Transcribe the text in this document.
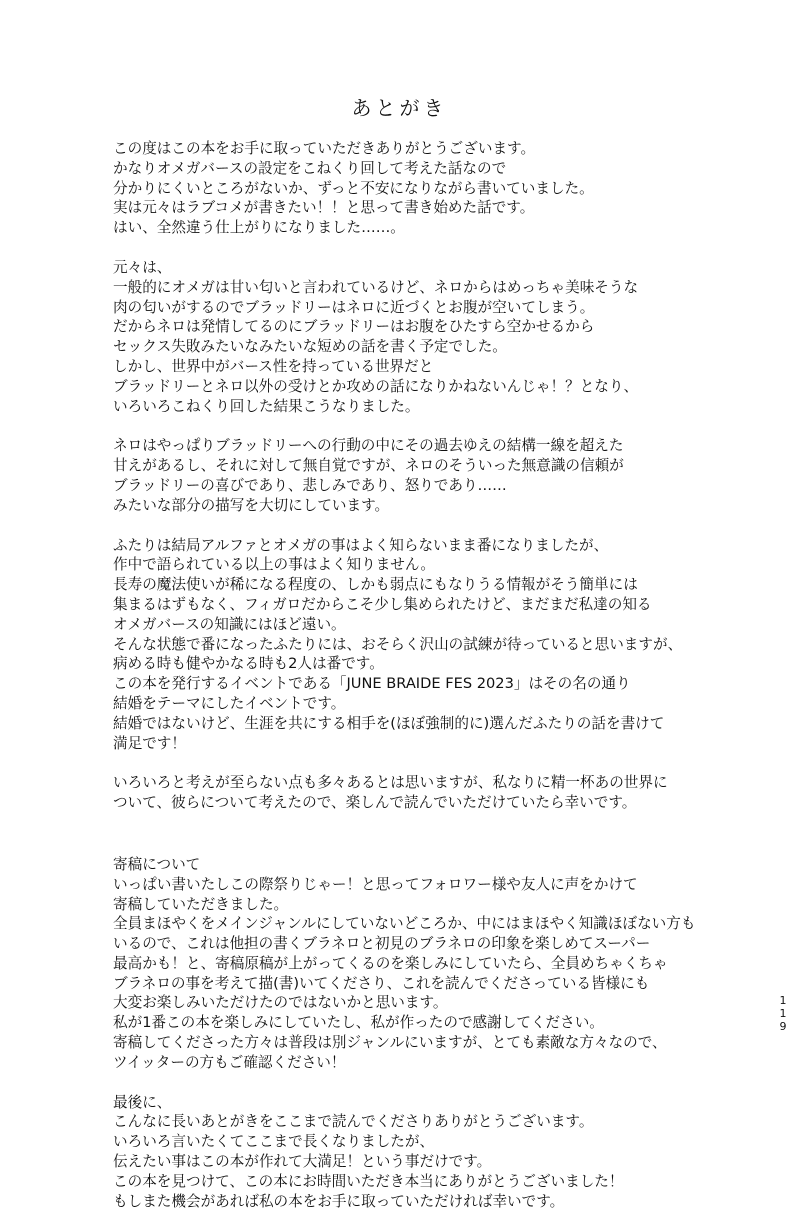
あとがき
この度はこの本をお手に取っていただきありがとうございます。
かなりオメガバースの設定をこねくり回して考えた話なので
分かりにくいところがないか、ずっと不安になりながら書いていました。
実は元々はラブコメが書きたい！！と思って書き始めた話です。
はい、全然違う仕上がりになりました……。
元々は、
一般的にオメガは甘い匂いと言われているけど、ネロからはめっちゃ美味そうな
肉の匂いがするのでブラッドリーはネロに近づくとお腹が空いてしまう。
だからネロは発情してるのにブラッドリーはお腹をひたすら空かせるから
セックス失敗みたいなみたいな短めの話を書く予定でした。
しかし、世界中がバース性を持っている世界だと
ブラッドリーとネロ以外の受けとか攻めの話になりかねないんじゃ！？となり、
いろいろこねくり回した結果こうなりました。
ネロはやっぱりブラッドリーへの行動の中にその過去ゆえの結構一線を超えた
甘えがあるし、それに対して無自覚ですが、ネロのそういった無意識の信頼が
ブラッドリーの喜びであり、悲しみであり、怒りであり……
みたいな部分の描写を大切にしています。
ふたりは結局アルファとオメガの事はよく知らないまま番になりましたが、
作中で語られている以上の事はよく知りません。
長寿の魔法使いが稀になる程度の、しかも弱点にもなりうる情報がそう簡単には
集まるはずもなく、フィガロだからこそ少し集められたけど、まだまだ私達の知る
オメガバースの知識にはほど遠い。
そんな状態で番になったふたりには、おそらく沢山の試練が待っていると思いますが、
病める時も健やかなる時も2人は番です。
この本を発行するイベントである「JUNE BRAIDE FES 2023」はその名の通り
結婚をテーマにしたイベントです。
結婚ではないけど、生涯を共にする相手を(ほぼ強制的に)選んだふたりの話を書けて
満足です！
いろいろと考えが至らない点も多々あるとは思いますが、私なりに精一杯あの世界に
ついて、彼らについて考えたので、楽しんで読んでいただけていたら幸いです。
寄稿について
いっぱい書いたしこの際祭りじゃー！と思ってフォロワー様や友人に声をかけて
寄稿していただきました。
全員まほやくをメインジャンルにしていないどころか、中にはまほやく知識ほぼない方も
いるので、これは他担の書くブラネロと初見のブラネロの印象を楽しめてスーパー
最高かも！と、寄稿原稿が上がってくるのを楽しみにしていたら、全員めちゃくちゃ
ブラネロの事を考えて描(書)いてくださり、これを読んでくださっている皆様にも
大変お楽しみいただけたのではないかと思います。
私が1番この本を楽しみにしていたし、私が作ったので感謝してください。
寄稿してくださった方々は普段は別ジャンルにいますが、とても素敵な方々なので、
ツイッターの方もご確認ください！
最後に、
こんなに長いあとがきをここまで読んでくださりありがとうございます。
いろいろ言いたくてここまで長くなりましたが、
伝えたい事はこの本が作れて大満足！という事だけです。
この本を見つけて、この本にお時間いただき本当にありがとうございました！
もしまた機会があれば私の本をお手に取っていただければ幸いです。
1
1
9
